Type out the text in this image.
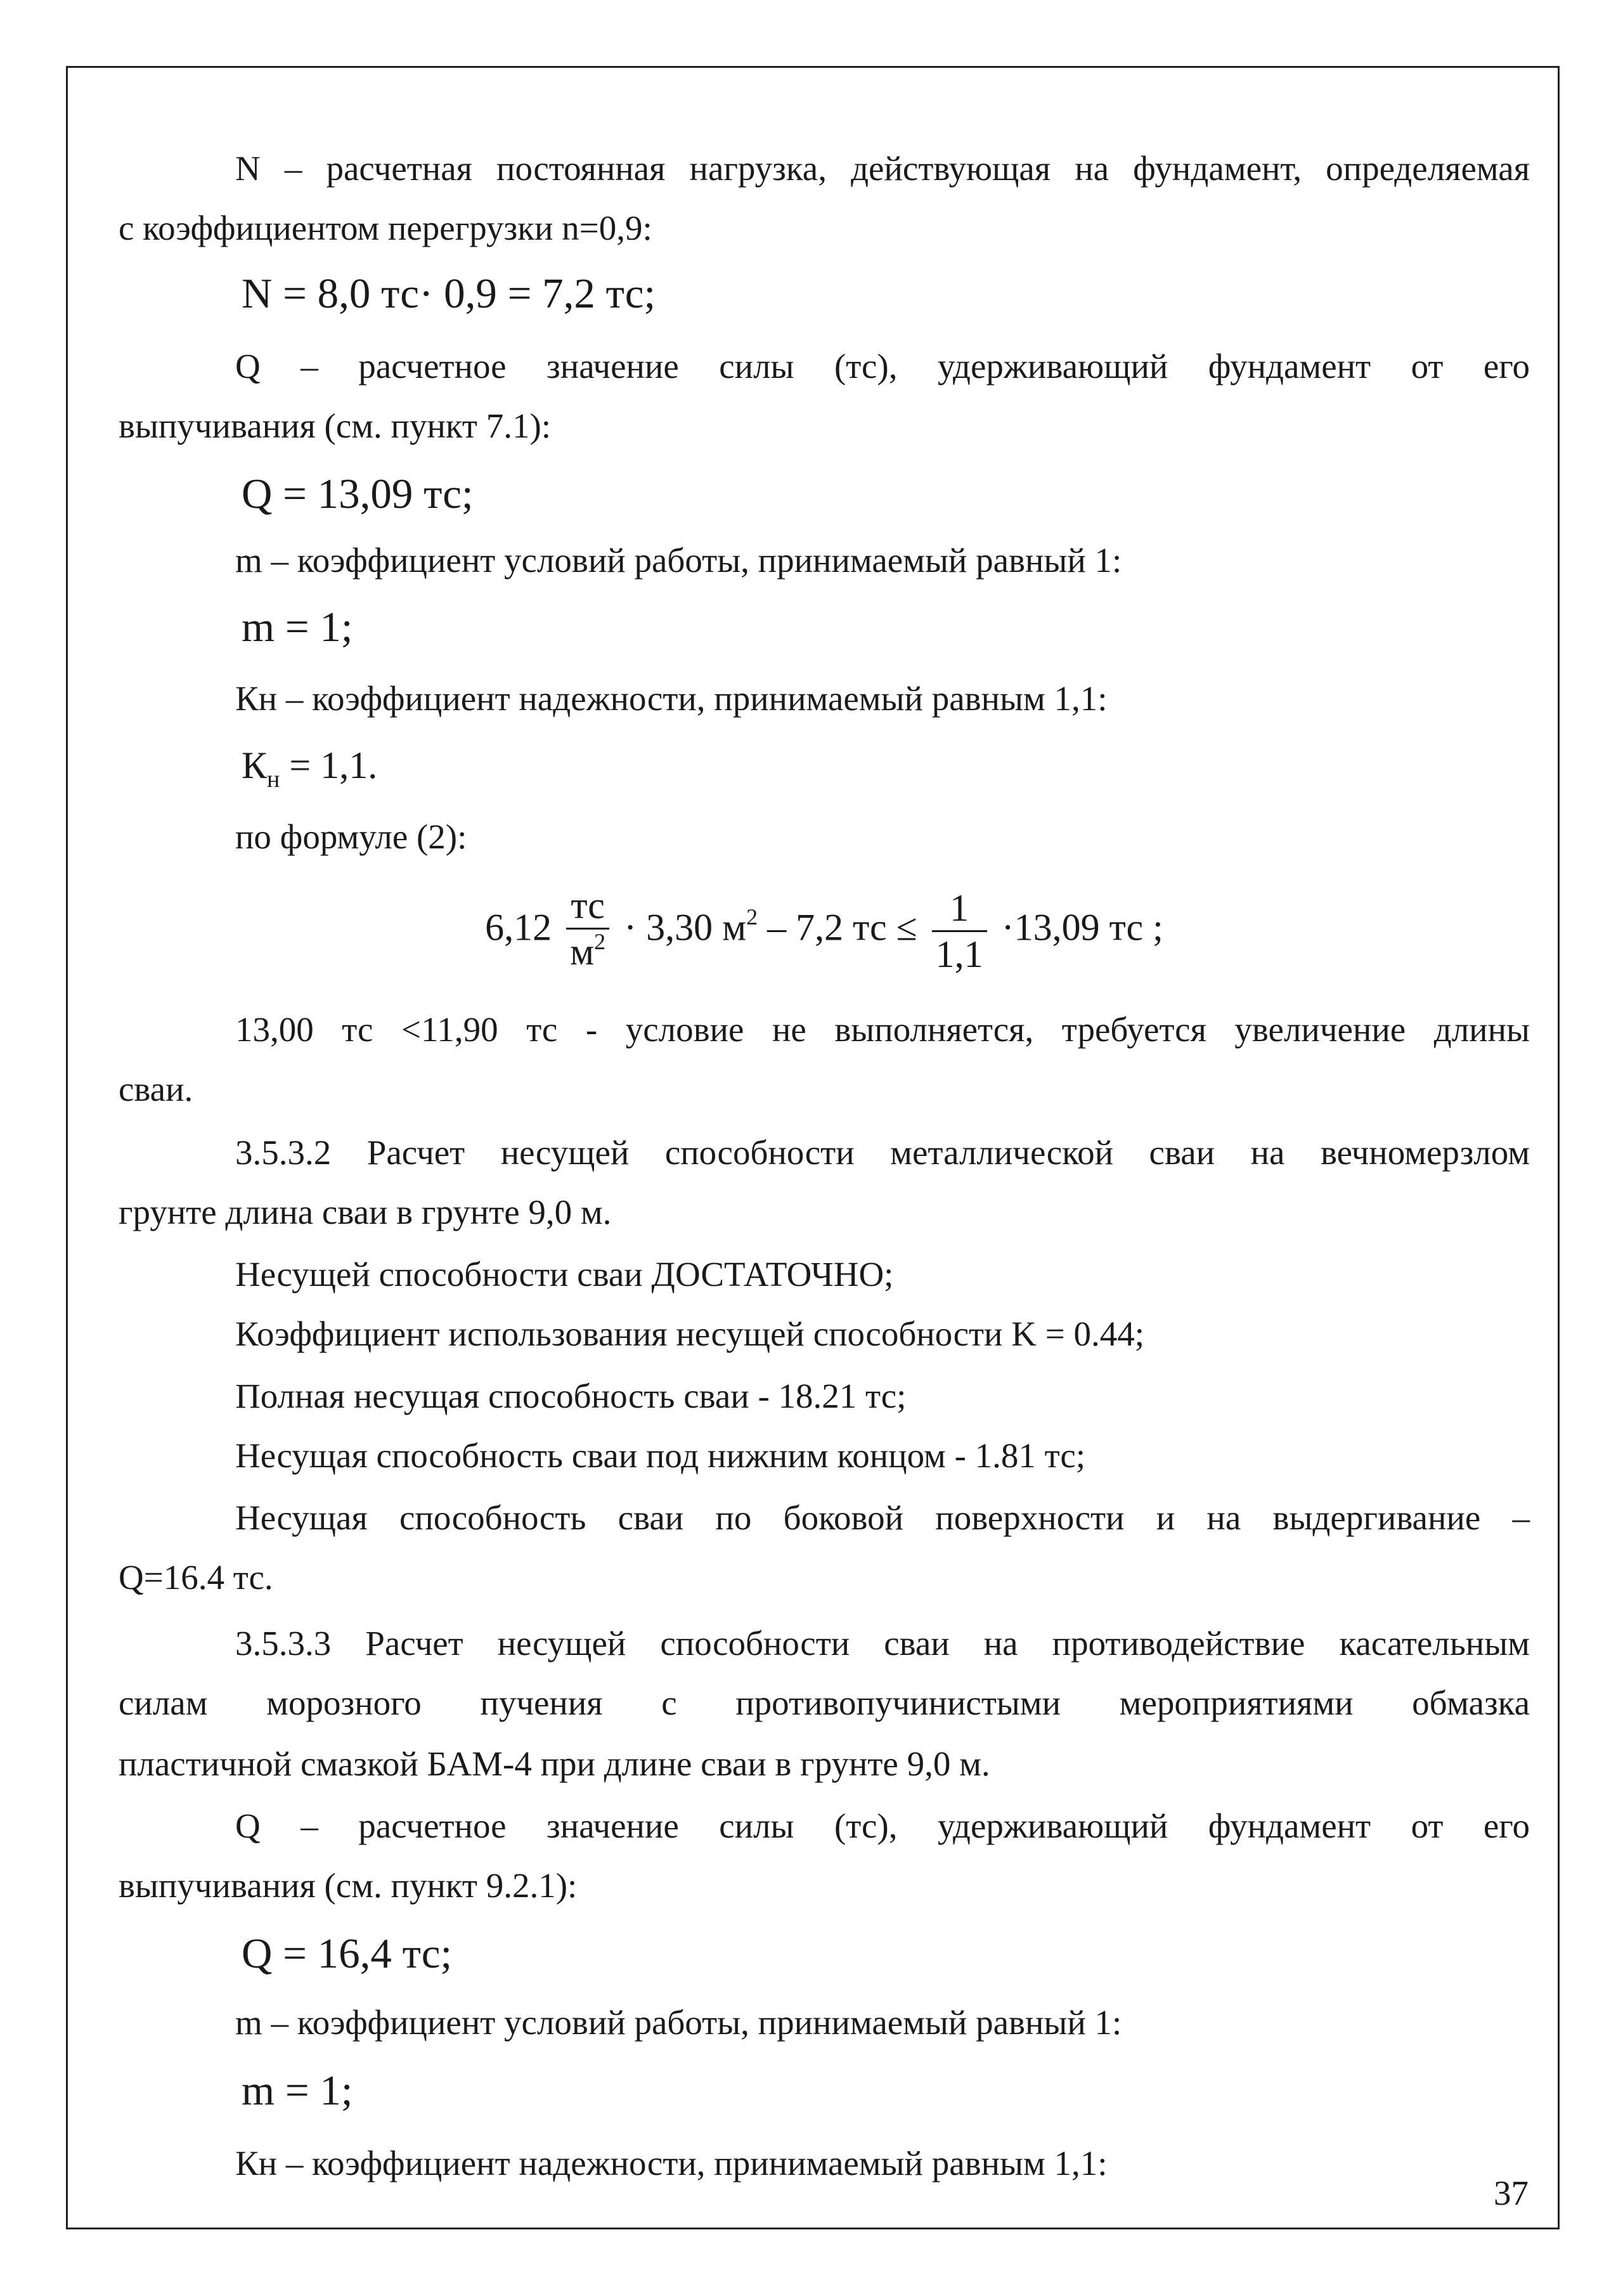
N – расчетная постоянная нагрузка, действующая на фундамент, определяемая
с коэффициентом перегрузки n=0,9:
N = 8,0 тс· 0,9 = 7,2 тс;
Q – расчетное значение силы (тс), удерживающий фундамент от его
выпучивания (см. пункт 7.1):
Q = 13,09 тс;
m – коэффициент условий работы, принимаемый равный 1:
m = 1;
Кн – коэффициент надежности, принимаемый равным 1,1:
$К_н = 1,1$.
по формуле (2):
$6,12 \frac{тс}{м^2} \cdot 3,30$ $м^2 - 7,2$ тс ≤ $\frac{1}{1,1} \cdot 13,09$ тс ;
13,00 тс <11,90 тс - условие не выполняется, требуется увеличение длины
сваи.
3.5.3.2 Расчет несущей способности металлической сваи на вечномерзлом
грунте длина сваи в грунте 9,0 м.
Несущей способности сваи ДОСТАТОЧНО;
Коэффициент использования несущей способности K = 0.44;
Полная несущая способность сваи - 18.21 тс;
Несущая способность сваи под нижним концом - 1.81 тс;
Несущая способность сваи по боковой поверхности и на выдергивание –
Q=16.4 тс.
3.5.3.3 Расчет несущей способности сваи на противодействие касательным
силам морозного пучения с противопучинистыми мероприятиями обмазка
пластичной смазкой БАМ-4 при длине сваи в грунте 9,0 м.
Q – расчетное значение силы (тс), удерживающий фундамент от его
выпучивания (см. пункт 9.2.1):
Q = 16,4 тс;
m – коэффициент условий работы, принимаемый равный 1:
m = 1;
Кн – коэффициент надежности, принимаемый равным 1,1:
37
